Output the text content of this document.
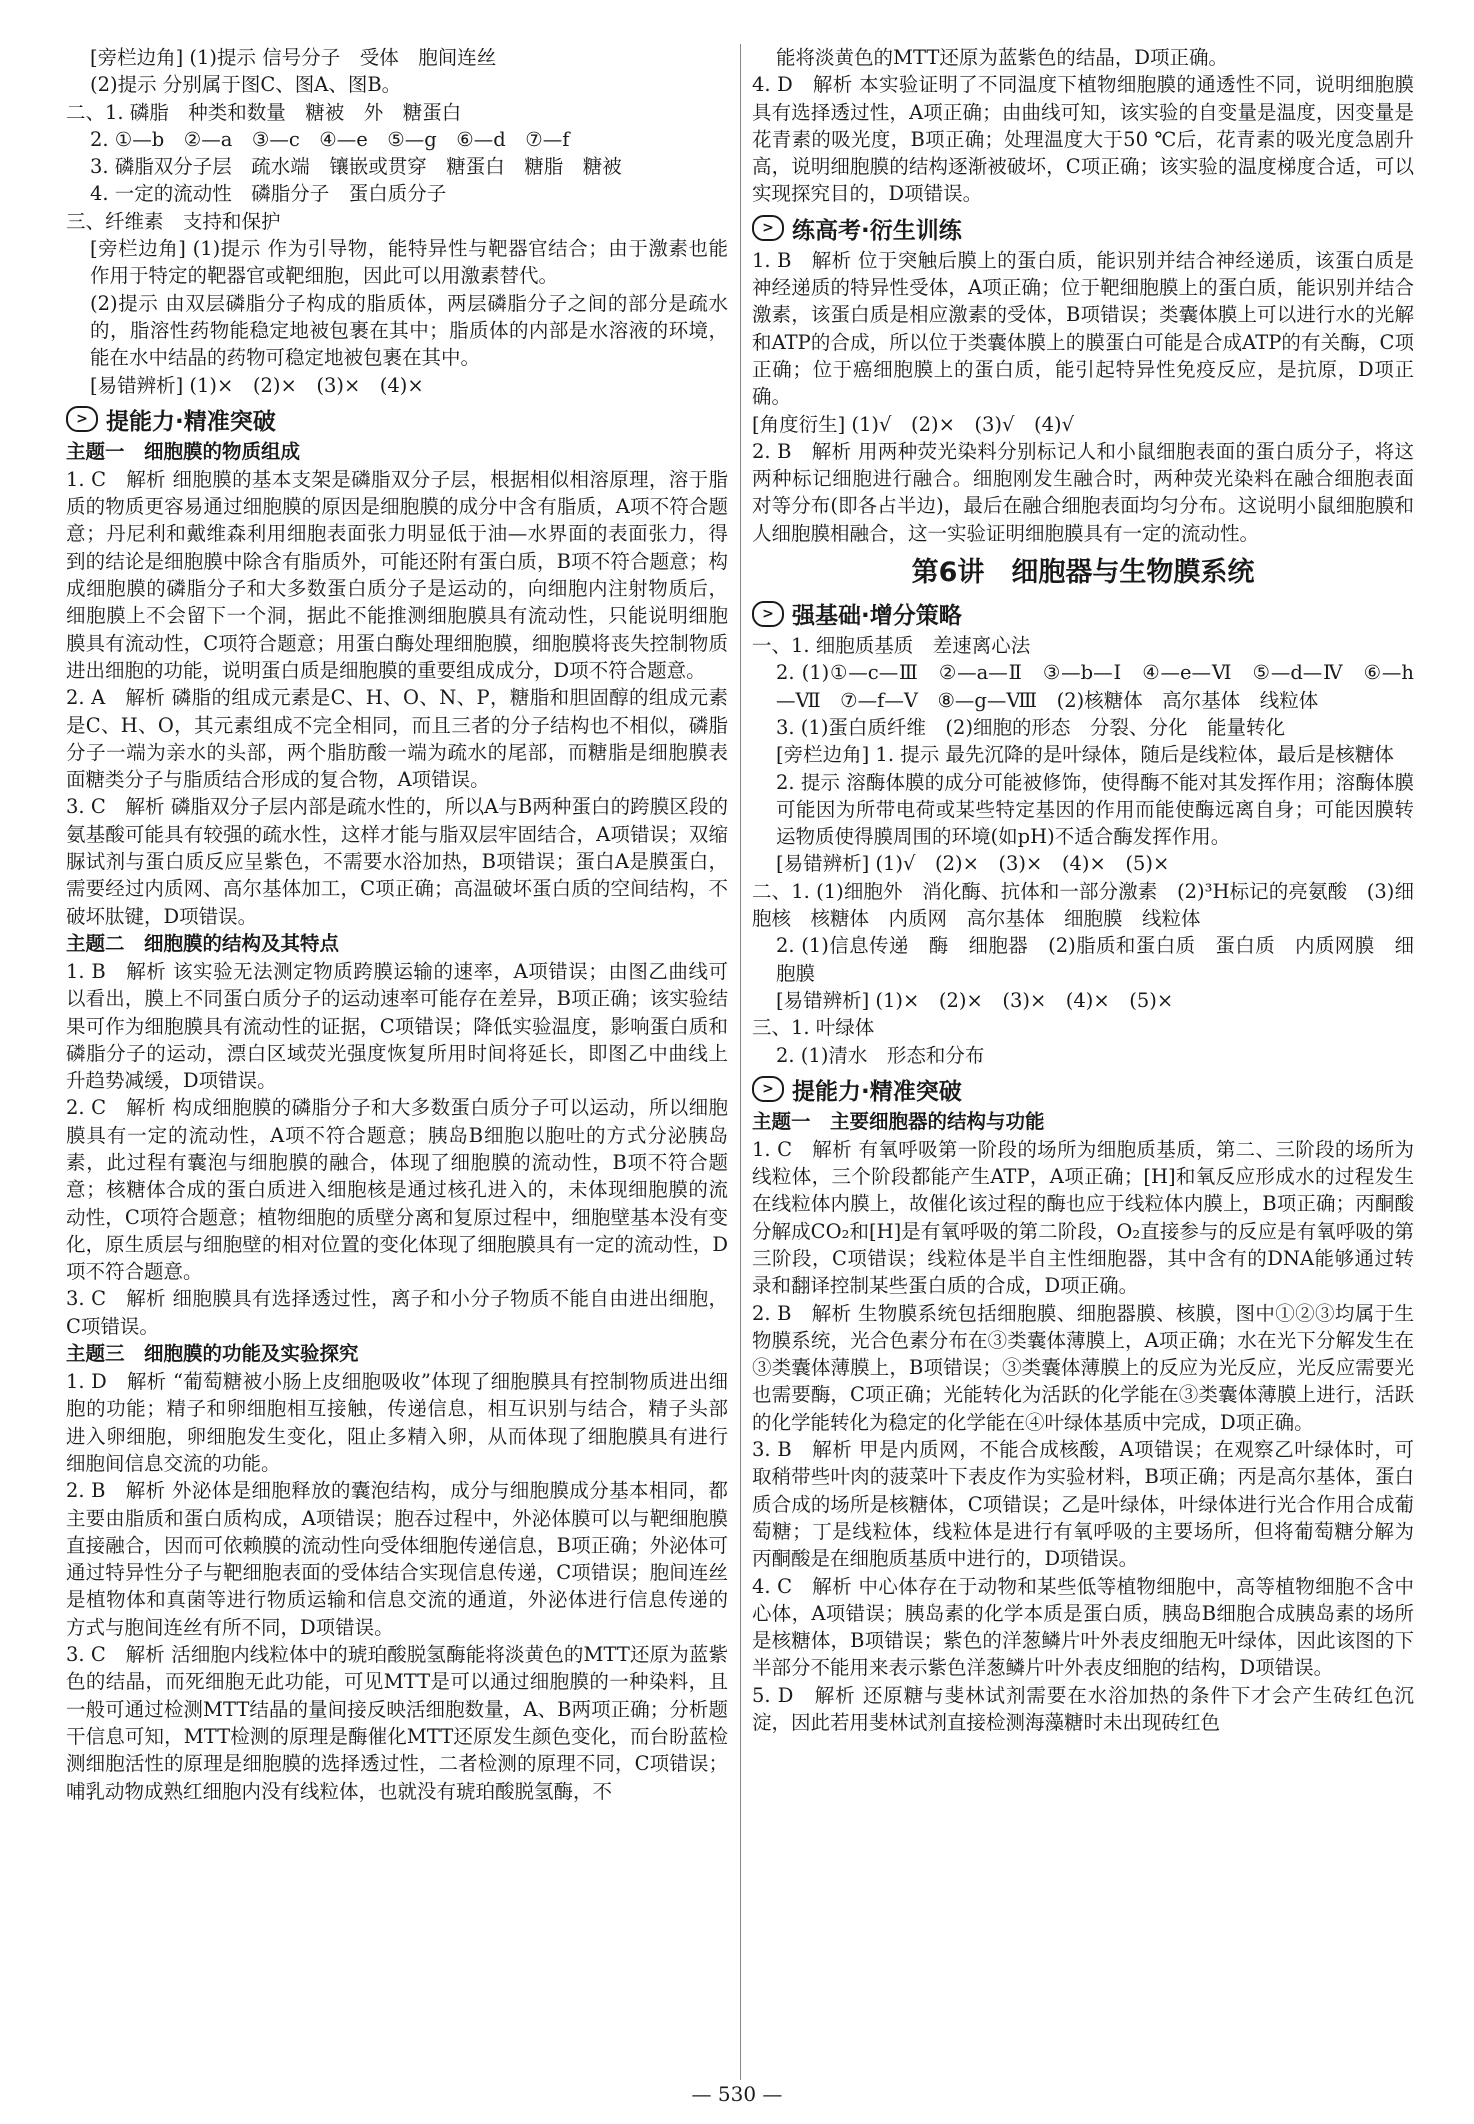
[旁栏边角] (1)提示 信号分子　受体　胞间连丝

(2)提示 分别属于图C、图A、图B。

二、1. 磷脂　种类和数量　糖被　外　糖蛋白

2. ①—b　②—a　③—c　④—e　⑤—g　⑥—d　⑦—f

3. 磷脂双分子层　疏水端　镶嵌或贯穿　糖蛋白　糖脂　糖被

4. 一定的流动性　磷脂分子　蛋白质分子

三、纤维素　支持和保护

[旁栏边角] (1)提示 作为引导物，能特异性与靶器官结合；由于激素也能作用于特定的靶器官或靶细胞，因此可以用激素替代。

(2)提示 由双层磷脂分子构成的脂质体，两层磷脂分子之间的部分是疏水的，脂溶性药物能稳定地被包裹在其中；脂质体的内部是水溶液的环境，能在水中结晶的药物可稳定地被包裹在其中。

[易错辨析] (1)×　(2)×　(3)×　(4)×

> 提能力·精准突破

主题一　细胞膜的物质组成

1. C　解析 细胞膜的基本支架是磷脂双分子层，根据相似相溶原理，溶于脂质的物质更容易通过细胞膜的原因是细胞膜的成分中含有脂质，A项不符合题意；丹尼利和戴维森利用细胞表面张力明显低于油—水界面的表面张力，得到的结论是细胞膜中除含有脂质外，可能还附有蛋白质，B项不符合题意；构成细胞膜的磷脂分子和大多数蛋白质分子是运动的，向细胞内注射物质后，细胞膜上不会留下一个洞，据此不能推测细胞膜具有流动性，只能说明细胞膜具有流动性，C项符合题意；用蛋白酶处理细胞膜，细胞膜将丧失控制物质进出细胞的功能，说明蛋白质是细胞膜的重要组成成分，D项不符合题意。

2. A　解析 磷脂的组成元素是C、H、O、N、P，糖脂和胆固醇的组成元素是C、H、O，其元素组成不完全相同，而且三者的分子结构也不相似，磷脂分子一端为亲水的头部，两个脂肪酸一端为疏水的尾部，而糖脂是细胞膜表面糖类分子与脂质结合形成的复合物，A项错误。

3. C　解析 磷脂双分子层内部是疏水性的，所以A与B两种蛋白的跨膜区段的氨基酸可能具有较强的疏水性，这样才能与脂双层牢固结合，A项错误；双缩脲试剂与蛋白质反应呈紫色，不需要水浴加热，B项错误；蛋白A是膜蛋白，需要经过内质网、高尔基体加工，C项正确；高温破坏蛋白质的空间结构，不破坏肽键，D项错误。

主题二　细胞膜的结构及其特点

1. B　解析 该实验无法测定物质跨膜运输的速率，A项错误；由图乙曲线可以看出，膜上不同蛋白质分子的运动速率可能存在差异，B项正确；该实验结果可作为细胞膜具有流动性的证据，C项错误；降低实验温度，影响蛋白质和磷脂分子的运动，漂白区域荧光强度恢复所用时间将延长，即图乙中曲线上升趋势减缓，D项错误。

2. C　解析 构成细胞膜的磷脂分子和大多数蛋白质分子可以运动，所以细胞膜具有一定的流动性，A项不符合题意；胰岛B细胞以胞吐的方式分泌胰岛素，此过程有囊泡与细胞膜的融合，体现了细胞膜的流动性，B项不符合题意；核糖体合成的蛋白质进入细胞核是通过核孔进入的，未体现细胞膜的流动性，C项符合题意；植物细胞的质壁分离和复原过程中，细胞壁基本没有变化，原生质层与细胞壁的相对位置的变化体现了细胞膜具有一定的流动性，D项不符合题意。

3. C　解析 细胞膜具有选择透过性，离子和小分子物质不能自由进出细胞，C项错误。

主题三　细胞膜的功能及实验探究

1. D　解析 “葡萄糖被小肠上皮细胞吸收”体现了细胞膜具有控制物质进出细胞的功能；精子和卵细胞相互接触，传递信息，相互识别与结合，精子头部进入卵细胞，卵细胞发生变化，阻止多精入卵，从而体现了细胞膜具有进行细胞间信息交流的功能。

2. B　解析 外泌体是细胞释放的囊泡结构，成分与细胞膜成分基本相同，都主要由脂质和蛋白质构成，A项错误；胞吞过程中，外泌体膜可以与靶细胞膜直接融合，因而可依赖膜的流动性向受体细胞传递信息，B项正确；外泌体可通过特异性分子与靶细胞表面的受体结合实现信息传递，C项错误；胞间连丝是植物体和真菌等进行物质运输和信息交流的通道，外泌体进行信息传递的方式与胞间连丝有所不同，D项错误。

3. C　解析 活细胞内线粒体中的琥珀酸脱氢酶能将淡黄色的MTT还原为蓝紫色的结晶，而死细胞无此功能，可见MTT是可以通过细胞膜的一种染料，且一般可通过检测MTT结晶的量间接反映活细胞数量，A、B两项正确；分析题干信息可知，MTT检测的原理是酶催化MTT还原发生颜色变化，而台盼蓝检测细胞活性的原理是细胞膜的选择透过性，二者检测的原理不同，C项错误；哺乳动物成熟红细胞内没有线粒体，也就没有琥珀酸脱氢酶，不

能将淡黄色的MTT还原为蓝紫色的结晶，D项正确。

4. D　解析 本实验证明了不同温度下植物细胞膜的通透性不同，说明细胞膜具有选择透过性，A项正确；由曲线可知，该实验的自变量是温度，因变量是花青素的吸光度，B项正确；处理温度大于50 ℃后，花青素的吸光度急剧升高，说明细胞膜的结构逐渐被破坏，C项正确；该实验的温度梯度合适，可以实现探究目的，D项错误。

> 练高考·衍生训练

1. B　解析 位于突触后膜上的蛋白质，能识别并结合神经递质，该蛋白质是神经递质的特异性受体，A项正确；位于靶细胞膜上的蛋白质，能识别并结合激素，该蛋白质是相应激素的受体，B项错误；类囊体膜上可以进行水的光解和ATP的合成，所以位于类囊体膜上的膜蛋白可能是合成ATP的有关酶，C项正确；位于癌细胞膜上的蛋白质，能引起特异性免疫反应，是抗原，D项正确。

[角度衍生] (1)√　(2)×　(3)√　(4)√

2. B　解析 用两种荧光染料分别标记人和小鼠细胞表面的蛋白质分子，将这两种标记细胞进行融合。细胞刚发生融合时，两种荧光染料在融合细胞表面对等分布(即各占半边)，最后在融合细胞表面均匀分布。这说明小鼠细胞膜和人细胞膜相融合，这一实验证明细胞膜具有一定的流动性。

第6讲　细胞器与生物膜系统
> 强基础·增分策略

一、1. 细胞质基质　差速离心法

2. (1)①—c—Ⅲ　②—a—Ⅱ　③—b—Ⅰ　④—e—Ⅵ　⑤—d—Ⅳ　⑥—h—Ⅶ　⑦—f—Ⅴ　⑧—g—Ⅷ　(2)核糖体　高尔基体　线粒体

3. (1)蛋白质纤维　(2)细胞的形态　分裂、分化　能量转化

[旁栏边角] 1. 提示 最先沉降的是叶绿体，随后是线粒体，最后是核糖体

2. 提示 溶酶体膜的成分可能被修饰，使得酶不能对其发挥作用；溶酶体膜可能因为所带电荷或某些特定基因的作用而能使酶远离自身；可能因膜转运物质使得膜周围的环境(如pH)不适合酶发挥作用。

[易错辨析] (1)√　(2)×　(3)×　(4)×　(5)×

二、1. (1)细胞外　消化酶、抗体和一部分激素　(2)³H标记的亮氨酸　(3)细胞核　核糖体　内质网　高尔基体　细胞膜　线粒体

2. (1)信息传递　酶　细胞器　(2)脂质和蛋白质　蛋白质　内质网膜　细胞膜

[易错辨析] (1)×　(2)×　(3)×　(4)×　(5)×

三、1. 叶绿体

2. (1)清水　形态和分布

> 提能力·精准突破

主题一　主要细胞器的结构与功能

1. C　解析 有氧呼吸第一阶段的场所为细胞质基质，第二、三阶段的场所为线粒体，三个阶段都能产生ATP，A项正确；[H]和氧反应形成水的过程发生在线粒体内膜上，故催化该过程的酶也应于线粒体内膜上，B项正确；丙酮酸分解成CO₂和[H]是有氧呼吸的第二阶段，O₂直接参与的反应是有氧呼吸的第三阶段，C项错误；线粒体是半自主性细胞器，其中含有的DNA能够通过转录和翻译控制某些蛋白质的合成，D项正确。

2. B　解析 生物膜系统包括细胞膜、细胞器膜、核膜，图中①②③均属于生物膜系统，光合色素分布在③类囊体薄膜上，A项正确；水在光下分解发生在③类囊体薄膜上，B项错误；③类囊体薄膜上的反应为光反应，光反应需要光也需要酶，C项正确；光能转化为活跃的化学能在③类囊体薄膜上进行，活跃的化学能转化为稳定的化学能在④叶绿体基质中完成，D项正确。

3. B　解析 甲是内质网，不能合成核酸，A项错误；在观察乙叶绿体时，可取稍带些叶肉的菠菜叶下表皮作为实验材料，B项正确；丙是高尔基体，蛋白质合成的场所是核糖体，C项错误；乙是叶绿体，叶绿体进行光合作用合成葡萄糖；丁是线粒体，线粒体是进行有氧呼吸的主要场所，但将葡萄糖分解为丙酮酸是在细胞质基质中进行的，D项错误。

4. C　解析 中心体存在于动物和某些低等植物细胞中，高等植物细胞不含中心体，A项错误；胰岛素的化学本质是蛋白质，胰岛B细胞合成胰岛素的场所是核糖体，B项错误；紫色的洋葱鳞片叶外表皮细胞无叶绿体，因此该图的下半部分不能用来表示紫色洋葱鳞片叶外表皮细胞的结构，D项错误。

5. D　解析 还原糖与斐林试剂需要在水浴加热的条件下才会产生砖红色沉淀，因此若用斐林试剂直接检测海藻糖时未出现砖红色

— 530 —
